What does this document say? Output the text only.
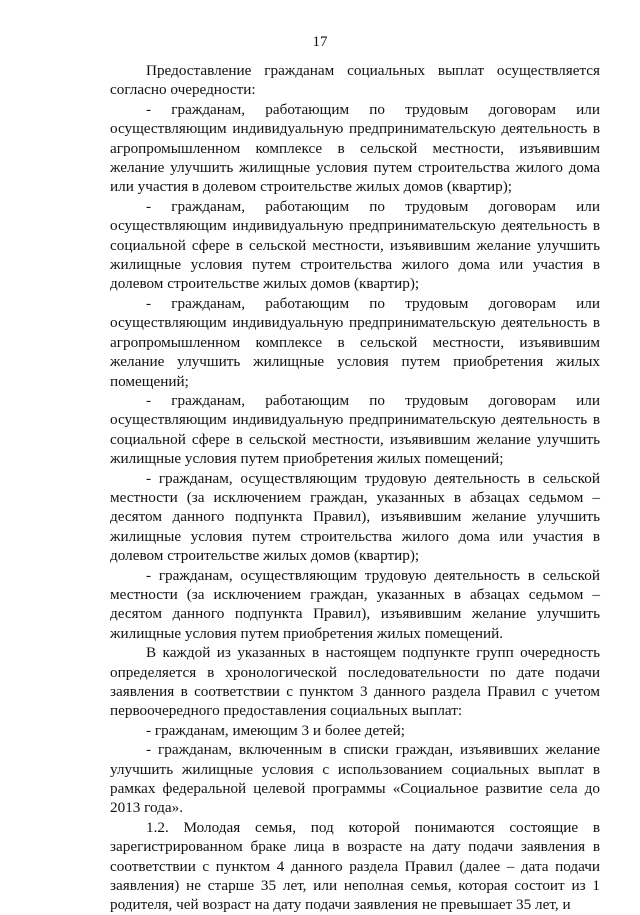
17

Предоставление гражданам социальных выплат осуществляется согласно очередности:

- гражданам, работающим по трудовым договорам или осуществляющим индивидуальную предпринимательскую деятельность в агропромышленном комплексе в сельской местности, изъявившим желание улучшить жилищные условия путем строительства жилого дома или участия в долевом строительстве жилых домов (квартир);

- гражданам, работающим по трудовым договорам или осуществляющим индивидуальную предпринимательскую деятельность в социальной сфере в сельской местности, изъявившим желание улучшить жилищные условия путем строительства жилого дома или участия в долевом строительстве жилых домов (квартир);

- гражданам, работающим по трудовым договорам или осуществляющим индивидуальную предпринимательскую деятельность в агропромышленном комплексе в сельской местности, изъявившим желание улучшить жилищные условия путем приобретения жилых помещений;

- гражданам, работающим по трудовым договорам или осуществляющим индивидуальную предпринимательскую деятельность в социальной сфере в сельской местности, изъявившим желание улучшить жилищные условия путем приобретения жилых помещений;

- гражданам, осуществляющим трудовую деятельность в сельской местности (за исключением граждан, указанных в абзацах седьмом – десятом данного подпункта Правил), изъявившим желание улучшить жилищные условия путем строительства жилого дома или участия в долевом строительстве жилых домов (квартир);

- гражданам, осуществляющим трудовую деятельность в сельской местности (за исключением граждан, указанных в абзацах седьмом – десятом данного подпункта Правил), изъявившим желание улучшить жилищные условия путем приобретения жилых помещений.

В каждой из указанных в настоящем подпункте групп очередность определяется в хронологической последовательности по дате подачи заявления в соответствии с пунктом 3 данного раздела Правил с учетом первоочередного предоставления социальных выплат:

- гражданам, имеющим 3 и более детей;

- гражданам, включенным в списки граждан, изъявивших желание улучшить жилищные условия с использованием социальных выплат в рамках федеральной целевой программы «Социальное развитие села до 2013 года».

1.2. Молодая семья, под которой понимаются состоящие в зарегистрированном браке лица в возрасте на дату подачи заявления в соответствии с пунктом 4 данного раздела Правил (далее – дата подачи заявления) не старше 35 лет, или неполная семья, которая состоит из 1 родителя, чей возраст на дату подачи заявления не превышает 35 лет, и
